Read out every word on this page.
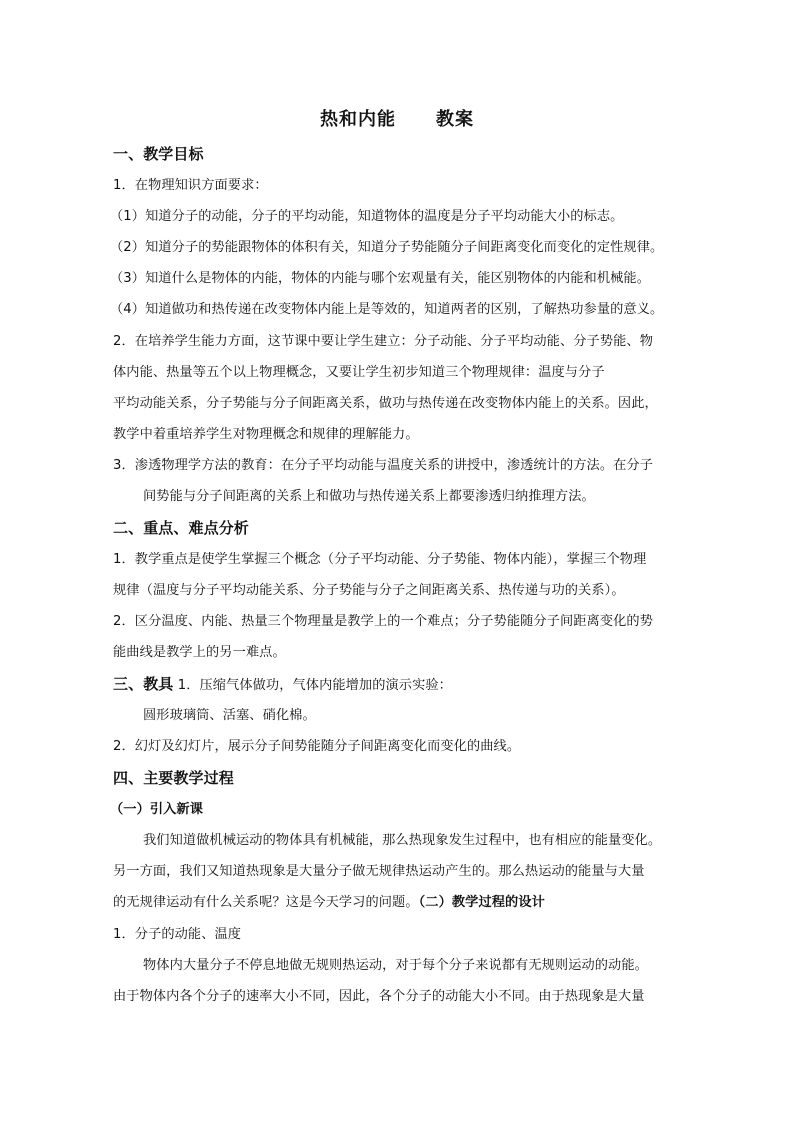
热和内能 教案
一、教学目标
1．在物理知识方面要求：
（1）知道分子的动能，分子的平均动能，知道物体的温度是分子平均动能大小的标志。
（2）知道分子的势能跟物体的体积有关，知道分子势能随分子间距离变化而变化的定性规律。
（3）知道什么是物体的内能，物体的内能与哪个宏观量有关，能区别物体的内能和机械能。
（4）知道做功和热传递在改变物体内能上是等效的，知道两者的区别，了解热功参量的意义。
2．在培养学生能力方面，这节课中要让学生建立：分子动能、分子平均动能、分子势能、物
体内能、热量等五个以上物理概念，又要让学生初步知道三个物理规律：温度与分子
平均动能关系，分子势能与分子间距离关系，做功与热传递在改变物体内能上的关系。因此，
教学中着重培养学生对物理概念和规律的理解能力。
3．渗透物理学方法的教育：在分子平均动能与温度关系的讲授中，渗透统计的方法。在分子
间势能与分子间距离的关系上和做功与热传递关系上都要渗透归纳推理方法。
二、重点、难点分析
1．教学重点是使学生掌握三个概念（分子平均动能、分子势能、物体内能），掌握三个物理
规律（温度与分子平均动能关系、分子势能与分子之间距离关系、热传递与功的关系）。
2．区分温度、内能、热量三个物理量是教学上的一个难点；分子势能随分子间距离变化的势
能曲线是教学上的另一难点。
三、教具 1．压缩气体做功，气体内能增加的演示实验：
圆形玻璃筒、活塞、硝化棉。
2．幻灯及幻灯片，展示分子间势能随分子间距离变化而变化的曲线。
四、主要教学过程
（一）引入新课
我们知道做机械运动的物体具有机械能，那么热现象发生过程中，也有相应的能量变化。
另一方面，我们又知道热现象是大量分子做无规律热运动产生的。那么热运动的能量与大量
的无规律运动有什么关系呢？这是今天学习的问题。（二）教学过程的设计
1．分子的动能、温度
物体内大量分子不停息地做无规则热运动，对于每个分子来说都有无规则运动的动能。
由于物体内各个分子的速率大小不同，因此，各个分子的动能大小不同。由于热现象是大量
